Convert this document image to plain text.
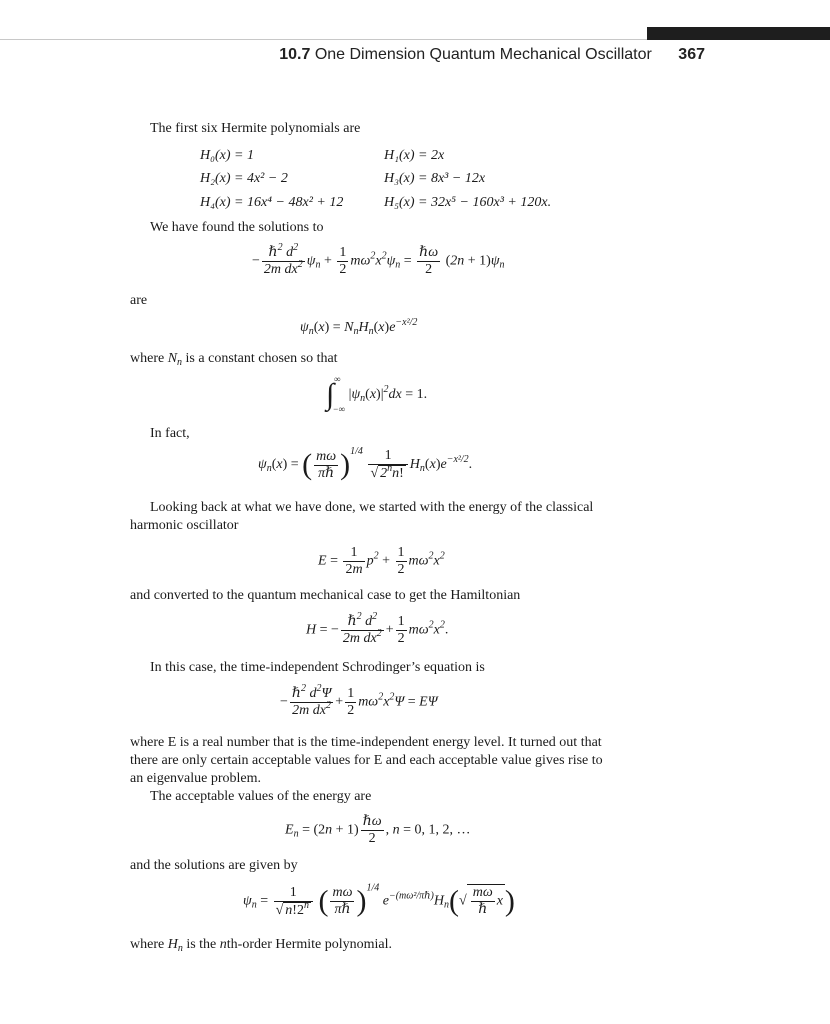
10.7 One Dimension Quantum Mechanical Oscillator 367
The first six Hermite polynomials are
H₀(x) = 1	H₁(x) = 2x
H₂(x) = 4x² − 2	H₃(x) = 8x³ − 12x
H₄(x) = 16x⁴ − 48x² + 12	H₅(x) = 32x⁵ − 160x³ + 120x.
We have found the solutions to
− $\frac{\hbar^2 d^2}{2m dx^2} \psi_n + \frac{1}{2} m\omega^2x^2\psi_n = \frac{\text{ℏω}}{2} (2n + 1)\psi_n$
are
$\psi_n(x) = N_nH_n(x)e^{-x^2/2}$
where $N_n$ is a constant chosen so that
$\int^\infty_{-\infty}$ $|\psi_n(x)|^2dx = 1$.
In fact,
$\psi_n(x)$ = ( $\frac{m\omega}{\text{πℏ}} )^{1/4} \frac{1}{√ 2^nn!} H_n(x)e^{-x^2/2}$.
Looking back at what we have done, we started with the energy of the classical
harmonic oscillator
$E = \frac{1}{2m} p^2 + \frac{1}{2} m\omega^2x^2$
and converted to the quantum mechanical case to get the Hamiltonian
H = − $\frac{\hbar^2 d^2}{2m dx^2} + \frac{1}{2} m\omega^2x^2$.
In this case, the time-independent Schrodinger’s equation is
− $\frac{\hbar^2 d^2\Psi}{2m dx^2} + \frac{1}{2} m\omega^2x^2\Psi = E\Psi$
where E is a real number that is the time-independent energy level. It turned out that
there are only certain acceptable values for E and each acceptable value gives rise to
an eigenvalue problem.
The acceptable values of the energy are
$E_n = (2n + 1) \frac{\text{ℏω}}{2}$ , n = 0, 1, 2, …
and the solutions are given by
$\psi_n = \frac{1}{√ n!2^n}$ ( $\frac{m\omega}{\text{πℏ}} )^{1/4}$ $e^{-(m\omega^2/\pi\hbar)}H_n(√ \frac{m\omega}{\text{ℏ}} x)$
where $H_n$ is the nth-order Hermite polynomial.
